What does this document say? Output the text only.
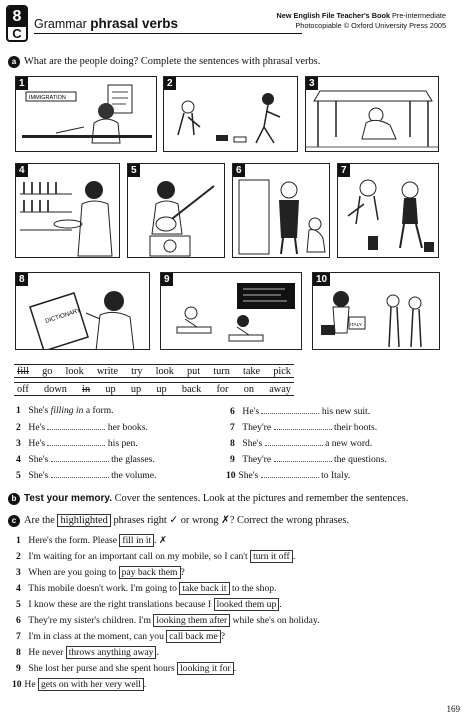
8
C
Grammar phrasal verbs
New English File Teacher's Book Pre-intermediate
Photocopiable © Oxford University Press 2005
a What are the people doing? Complete the sentences with phrasal verbs.
1
IMMIGRATION
2	3
4	5	6	7
8
DICTIONARY
9	10
ITALY
fill go look write try look put turn take pick
off down in up up up back for on away
1 She's filling in a form.
2 He's	her books.
3 He's	his pen.
4 She's	the glasses.
5 She's	the volume.
6 He's	his new suit.
7 They're	their boots.
8 She's	a new word.
9 They're	the questions.
10 She's	to Italy.
b Test your memory. Cover the sentences. Look at the pictures and remember the sentences.
c Are the highlighted phrases right ✓ or wrong ✗? Correct the wrong phrases.
1 Here's the form. Please fill in it . ✗
2 I'm waiting for an important call on my mobile, so I can't turn it off .
3 When are you going to pay back them ?
4 This mobile doesn't work. I'm going to take back it to the shop.
5 I know these are the right translations because I looked them up .
6 They're my sister's children. I'm looking them after while she's on holiday.
7 I'm in class at the moment, can you call back me ?
8 He never throws anything away .
9 She lost her purse and she spent hours looking it for .
10 He gets on with her very well .
169
